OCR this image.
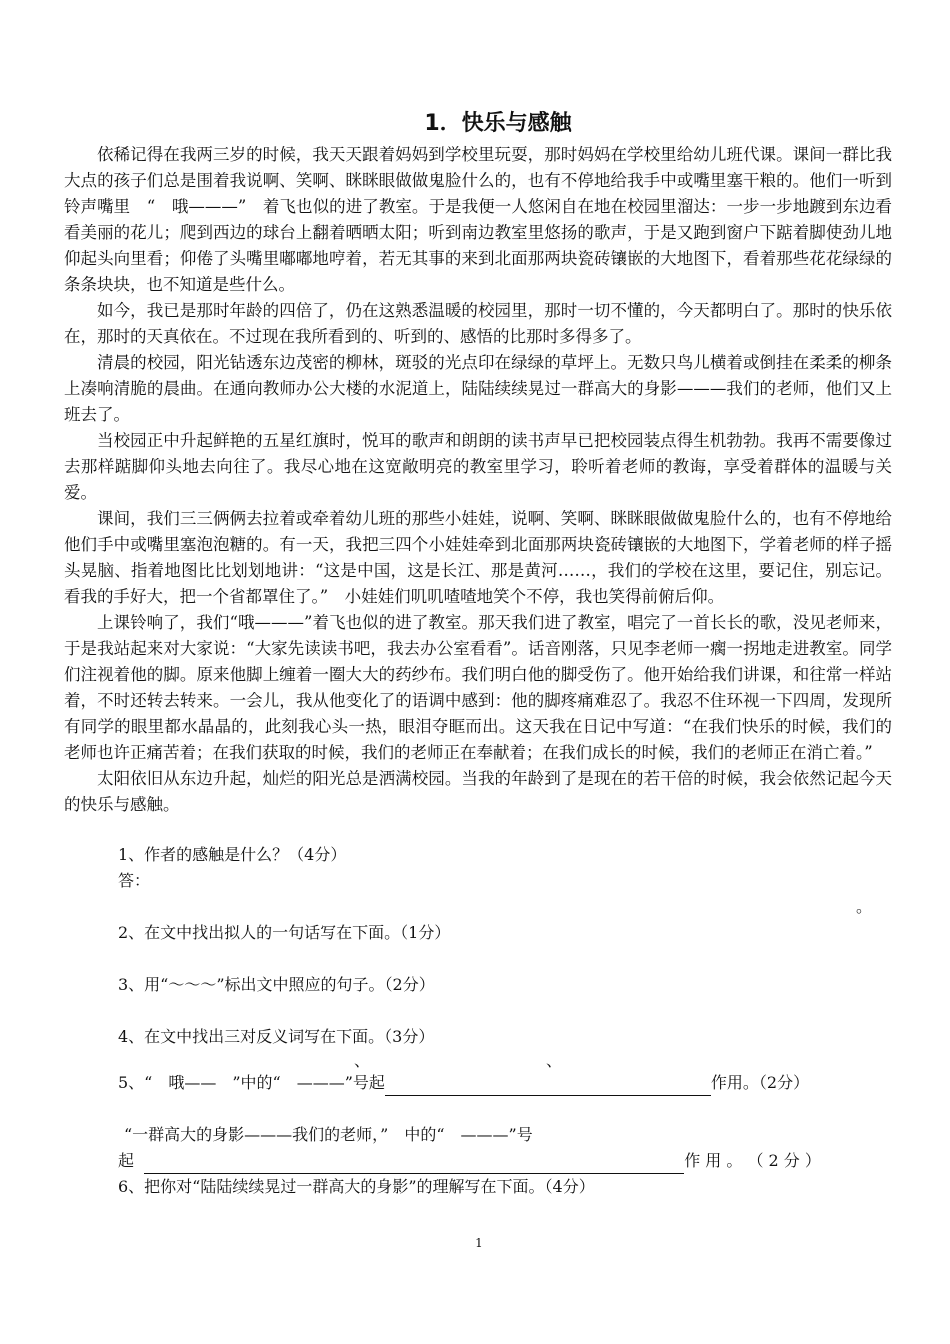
1．快乐与感触

依稀记得在我两三岁的时候，我天天跟着妈妈到学校里玩耍，那时妈妈在学校里给幼儿班代课。课间一群比我大点的孩子们总是围着我说啊、笑啊、眯眯眼做做鬼脸什么的，也有不停地给我手中或嘴里塞干粮的。他们一听到铃声嘴里　“　哦———”　着飞也似的进了教室。于是我便一人悠闲自在地在校园里溜达：一步一步地踱到东边看看美丽的花儿；爬到西边的球台上翻着晒晒太阳；听到南边教室里悠扬的歌声，于是又跑到窗户下踮着脚使劲儿地仰起头向里看；仰倦了头嘴里嘟嘟地哼着，若无其事的来到北面那两块瓷砖镶嵌的大地图下，看着那些花花绿绿的条条块块，也不知道是些什么。

如今，我已是那时年龄的四倍了，仍在这熟悉温暖的校园里，那时一切不懂的，今天都明白了。那时的快乐依在，那时的天真依在。不过现在我所看到的、听到的、感悟的比那时多得多了。

清晨的校园，阳光钻透东边茂密的柳林，斑驳的光点印在绿绿的草坪上。无数只鸟儿横着或倒挂在柔柔的柳条上凑响清脆的晨曲。在通向教师办公大楼的水泥道上，陆陆续续晃过一群高大的身影———我们的老师，他们又上班去了。

当校园正中升起鲜艳的五星红旗时，悦耳的歌声和朗朗的读书声早已把校园装点得生机勃勃。我再不需要像过去那样踮脚仰头地去向往了。我尽心地在这宽敞明亮的教室里学习，聆听着老师的教诲，享受着群体的温暖与关爱。

课间，我们三三俩俩去拉着或牵着幼儿班的那些小娃娃，说啊、笑啊、眯眯眼做做鬼脸什么的，也有不停地给他们手中或嘴里塞泡泡糖的。有一天，我把三四个小娃娃牵到北面那两块瓷砖镶嵌的大地图下，学着老师的样子摇头晃脑、指着地图比比划划地讲：“这是中国，这是长江、那是黄河……，我们的学校在这里，要记住，别忘记。看我的手好大，把一个省都罩住了。”　小娃娃们叽叽喳喳地笑个不停，我也笑得前俯后仰。

上课铃响了，我们“哦———”着飞也似的进了教室。那天我们进了教室，唱完了一首长长的歌，没见老师来，于是我站起来对大家说：“大家先读读书吧，我去办公室看看”。话音刚落，只见李老师一瘸一拐地走进教室。同学们注视着他的脚。原来他脚上缠着一圈大大的药纱布。我们明白他的脚受伤了。他开始给我们讲课，和往常一样站着，不时还转去转来。一会儿，我从他变化了的语调中感到：他的脚疼痛难忍了。我忍不住环视一下四周，发现所有同学的眼里都水晶晶的，此刻我心头一热，眼泪夺眶而出。这天我在日记中写道：“在我们快乐的时候，我们的老师也许正痛苦着；在我们获取的时候，我们的老师正在奉献着；在我们成长的时候，我们的老师正在消亡着。”

太阳依旧从东边升起，灿烂的阳光总是洒满校园。当我的年龄到了是现在的若干倍的时候，我会依然记起今天的快乐与感触。

1、作者的感触是什么？（4分）

答：

。

2、在文中找出拟人的一句话写在下面。（1分）

3、用“～～～”标出文中照应的句子。（2分）

4、在文中找出三对反义词写在下面。（3分）

、	、

5、“　哦——　”中的“　———”号起	作用。（2分）

“一群高大的身影———我们的老师，”　中的“　———”号

起	作 用 。 （ 2 分 ）

6、把你对“陆陆续续晃过一群高大的身影”的理解写在下面。（4分）

1
